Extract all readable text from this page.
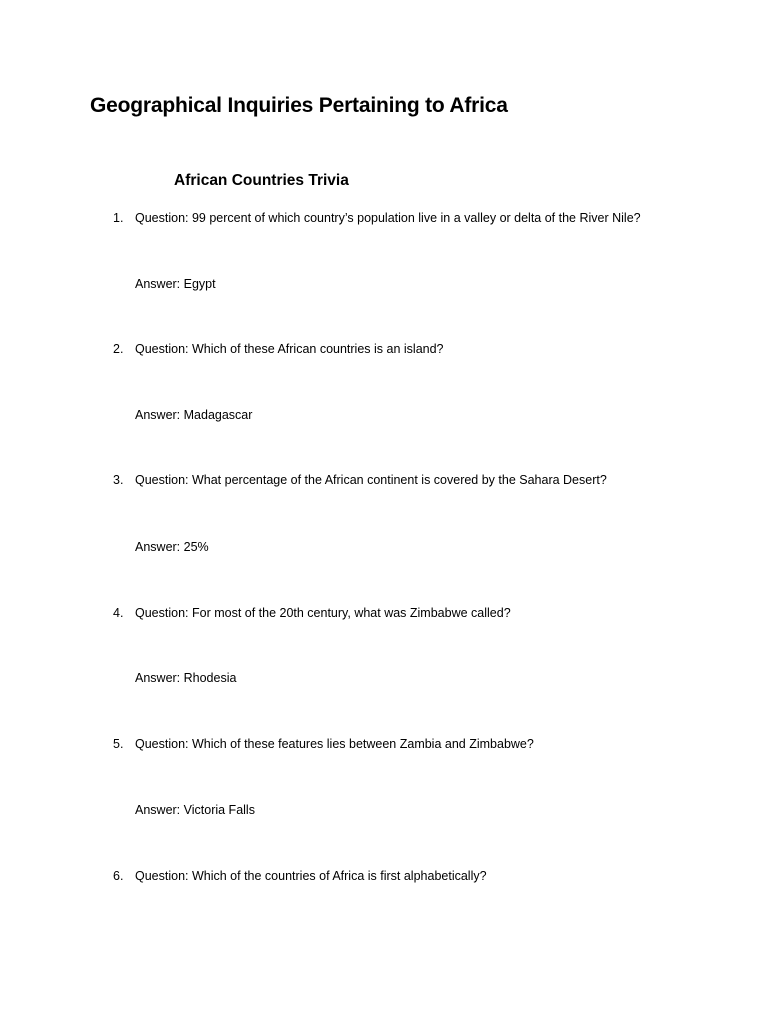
Geographical Inquiries Pertaining to Africa
African Countries Trivia
1. Question: 99 percent of which country’s population live in a valley or delta of the River Nile?
Answer: Egypt
2. Question: Which of these African countries is an island?
Answer: Madagascar
3. Question: What percentage of the African continent is covered by the Sahara Desert?
Answer: 25%
4. Question: For most of the 20th century, what was Zimbabwe called?
Answer: Rhodesia
5. Question: Which of these features lies between Zambia and Zimbabwe?
Answer: Victoria Falls
6. Question: Which of the countries of Africa is first alphabetically?
